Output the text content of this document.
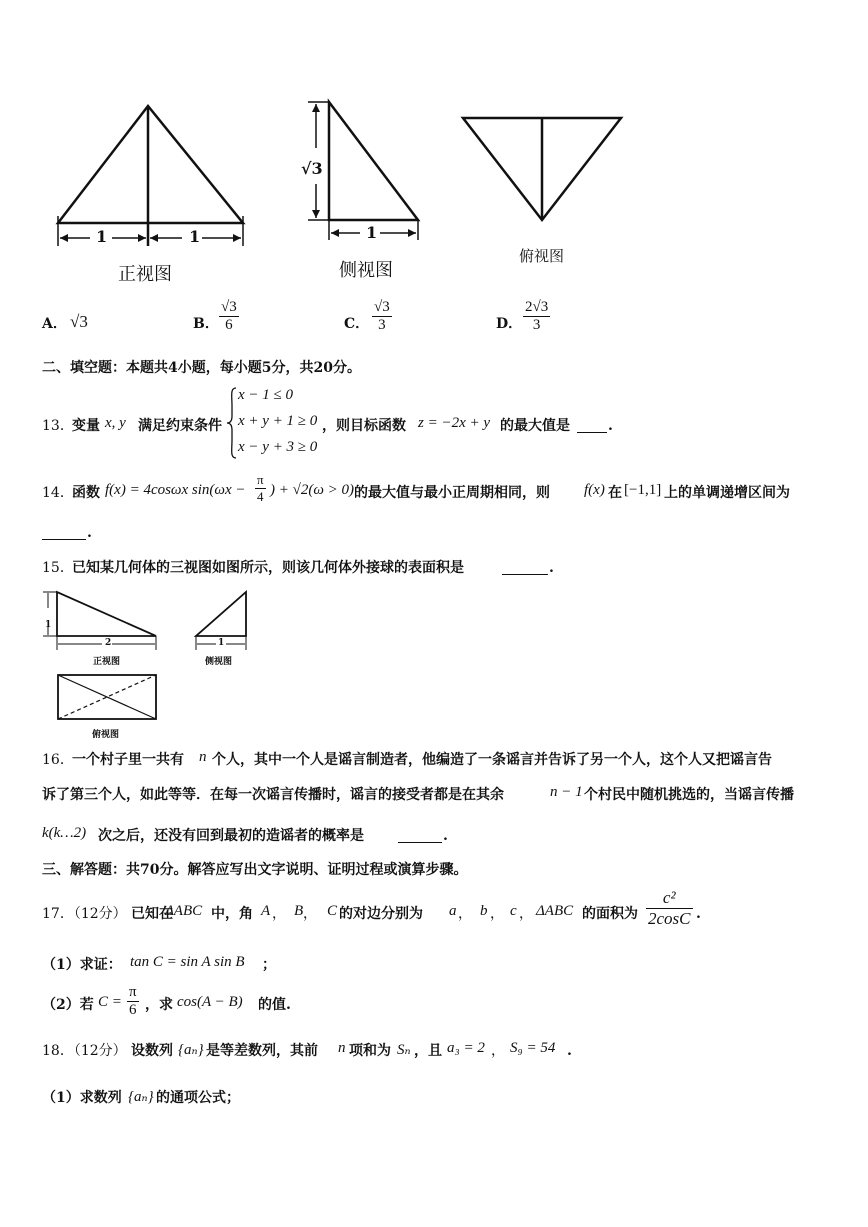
1	1
正视图
√3
1
侧视图
俯视图
A． √3	B． $\frac{√3}{6}$	C． $\frac{√3}{3}$	D． $\frac{2√3}{3}$
二、填空题：本题共4小题，每小题5分，共20分。
13．
变量 x, y 满足约束条件
x − 1 ≤ 0
x + y + 1 ≥ 0
x − y + 3 ≥ 0
，则目标函数 z = −2x + y 的最大值是	.
14．
函数 f(x) = 4cosωx $\sin(\omega x - \frac{\pi}{4}$ ) + √2(ω > 0) 的最大值与最小正周期相同，则 f(x) 在 [−1,1] 上的单调递增区间为
.
15．
已知某几何体的三视图如图所示，则该几何体外接球的表面积是	.
1
2
正视图
1
侧视图
俯视图
16．
一个村子里一共有 n 个人，其中一个人是谣言制造者，他编造了一条谣言并告诉了另一个人，这个人又把谣言告
诉了第三个人，如此等等．在每一次谣言传播时，谣言的接受者都是在其余	n − 1 个村民中随机挑选的，当谣言传播
k(k…2) 次之后，还没有回到最初的造谣者的概率是	.
三、解答题：共70分。解答应写出文字说明、证明过程或演算步骤。
17．（12分） 已知在
ΔABC 中，角 A ， B ， C 的对边分别为 a ， b ， c ， ΔABC 的面积为 $\frac{\text{c²}}{2\cos C}$ .
（1）求证： tan C = sin A sin B ；
（2）若 $C = \frac{\pi}{6}$ ，求 cos(A − B) 的值.
18．（12分） 设数列 {aₙ} 是等差数列，其前 n 项和为 Sₙ ，且 a₃ = 2 ， S₉ = 54 .
（1）求数列 {aₙ} 的通项公式；
